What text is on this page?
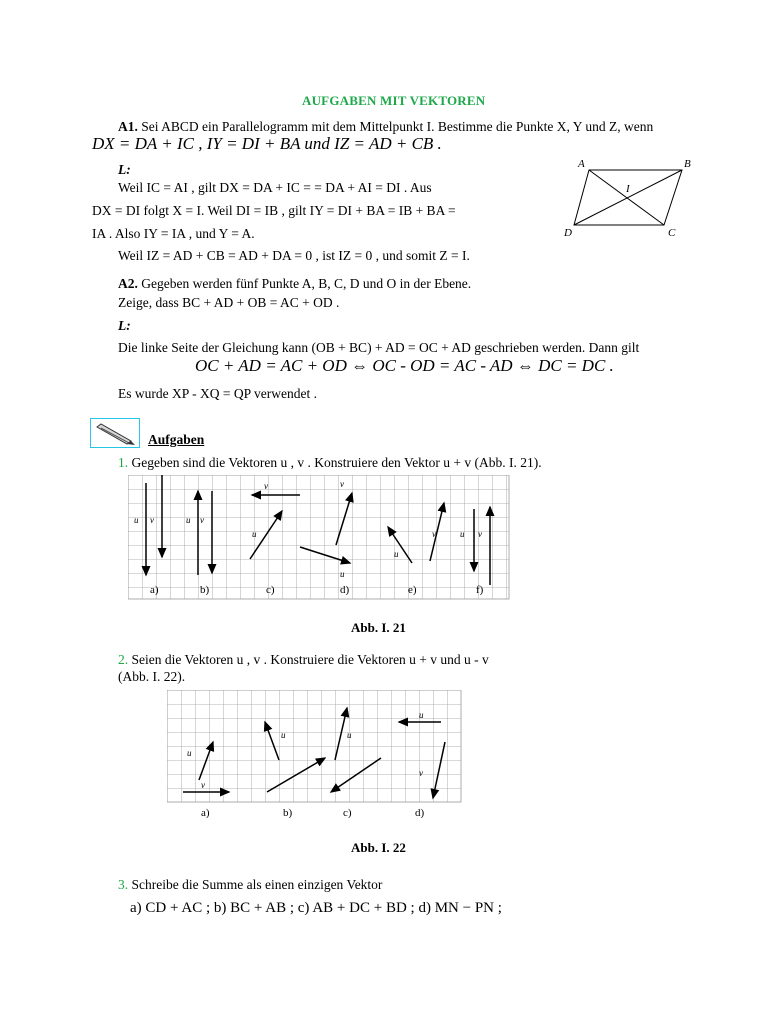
AUFGABEN MIT VEKTOREN
A1. Sei ABCD ein Parallelogramm mit dem Mittelpunkt I. Bestimme die Punkte X, Y und Z, wenn
DX = DA + IC , IY = DI + BA und IZ = AD + CB .
L:
Weil IC = AI , gilt DX = DA + IC = = DA + AI = DI . Aus
DX = DI folgt X = I. Weil DI = IB , gilt IY = DI + BA = IB + BA =
IA . Also IY = IA , und Y = A.
Weil IZ = AD + CB = AD + DA = 0 , ist IZ = 0 , und somit Z = I.
A	B
C
D
I
A2. Gegeben werden fünf Punkte A, B, C, D und O in der Ebene.
Zeige, dass BC + AD + OB = AC + OD .
L:
Die linke Seite der Gleichung kann (OB + BC) + AD = OC + AD geschrieben werden. Dann gilt
OC + AD = AC + OD ⇔ OC - OD = AC - AD ⇔ DC = DC .
Es wurde XP - XQ = QP verwendet .
Aufgaben
1. Gegeben sind die Vektoren u , v . Konstruiere den Vektor u + v (Abb. I. 21).
u v	u v
v
u
v
u
u
v	u v
a)	b)	c)	d)	e)	f)
Abb. I. 21
2. Seien die Vektoren u , v . Konstruiere die Vektoren u + v und u - v
(Abb. I. 22).
u
v
u	u
u
v
a)	b)	c)	d)
Abb. I. 22
3. Schreibe die Summe als einen einzigen Vektor
a) CD + AC ; b) BC + AB ; c) AB + DC + BD ; d) MN − PN ;
